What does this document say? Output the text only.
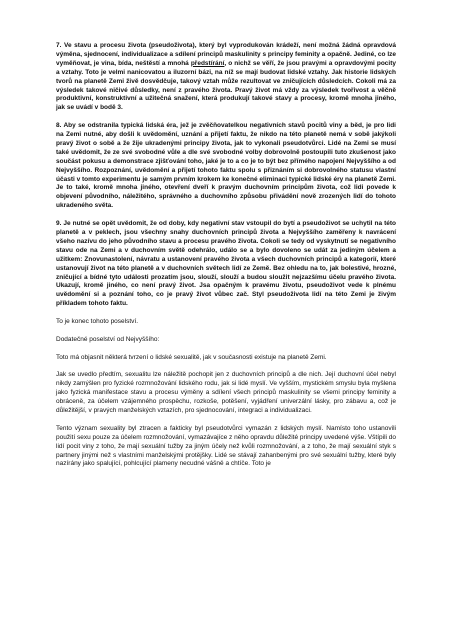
7. Ve stavu a procesu života (pseudoživota), který byl vyprodukován krádeží, není možná žádná opravdová výměna, sjednocení, individualizace a sdílení principů maskulinity s principy feminity a opačně. Jediné, co lze vyměňovat, je vina, bída, neštěstí a mnohá předstírání, o nichž se věří, že jsou pravými a opravdovými pocity a vztahy. Toto je velmi nanicovatou a iluzorní bázi, na níž se mají budovat lidské vztahy. Jak historie lidských tvorů na planetě Zemi živě dosvědčuje, takový vztah může rezultovat ve zničujících důsledcích. Cokoli má za výsledek takové ničivé důsledky, není z pravého života. Pravý život má vždy za výsledek tvořivost a věčně produktivní, konstruktivní a užitečná snažení, která produkují takové stavy a procesy, kromě mnoha jiného, jak se uvádí v bodě 3.
8. Aby se odstranila typická lidská éra, jež je zvěčňovatelkou negativních stavů pocitů viny a běd, je pro lidi na Zemi nutné, aby došli k uvědomění, uznání a přijetí faktu, že nikdo na této planetě nemá v sobě jakýkoli pravý život o sobě a že žije ukradenými principy života, jak to vykonali pseudotvůrci. Lidé na Zemi se musí také uvědomit, že ze své svobodné vůle a dle své svobodné volby dobrovolně postoupili tuto zkušenost jako součást pokusu a demonstrace zjišťování toho, jaké je to a co je to být bez přímého napojení Nejvyššího a od Nejvyššího. Rozpoznání, uvědomění a přijetí tohoto faktu spolu s přiznáním si dobrovolného statusu vlastní účasti v tomto experimentu je samým prvním krokem ke konečné eliminaci typické lidské éry na planetě Zemi. Je to také, kromě mnoha jiného, otevření dveří k pravým duchovním principům života, což lidi povede k objevení původního, náležitého, správného a duchovního způsobu přivádění nově zrozených lidí do tohoto ukradeného světa.
9. Je nutné se opět uvědomit, že od doby, kdy negativní stav vstoupil do bytí a pseudoživot se uchytil na této planetě a v peklech, jsou všechny snahy duchovních principů života a Nejvyššího zaměřeny k navrácení všeho nazívu do jeho původního stavu a procesu pravého života. Cokoli se tedy od vyskytnutí se negativního stavu ode na Zemi a v duchovním světě odehrálo, událo se a bylo dovoleno se udát za jediným účelem a užitkem: Znovunastolení, návratu a ustanovení pravého života a všech duchovních principů a kategorií, které ustanovují život na této planetě a v duchovních světech lidí ze Země. Bez ohledu na to, jak bolestivé, hrozné, zničující a bídné tyto události prozatím jsou, slouží, slouží a budou sloužit nejzazšímu účelu pravého života. Ukazují, kromě jiného, co není pravý život. Jsa opačným k pravému životu, pseudoživot vede k plnému uvědomění si a poznání toho, co je pravý život vůbec zač. Styl pseudoživota lidí na této Zemi je živým příkladem tohoto faktu.
To je konec tohoto poselství.
Dodatečné poselství od Nejvyššího:
Toto má objasnit některá tvrzení o lidské sexualitě, jak v současnosti existuje na planetě Zemi.
Jak se uvedlo předtím, sexualitu lze náležitě pochopit jen z duchovních principů a dle nich. Její duchovní účel nebyl nikdy zamýšlen pro fyzické rozmnožování lidského rodu, jak si lidé myslí. Ve vyšším, mystickém smyslu byla myšlena jako fyzická manifestace stavu a procesu výměny a sdílení všech principů maskulinity se všemi principy feminity a obráceně, za účelem vzájemného prospěchu, rozkoše, potěšení, vyjádření univerzální lásky, pro zábavu a, což je důležitější, v pravých manželských vztazích, pro sjednocování, integraci a individualizaci.
Tento význam sexuality byl ztracen a fakticky byl pseudotvůrci vymazán z lidských myslí. Namísto toho ustanovili použití sexu pouze za účelem rozmnožování, vymazávajíce z něho opravdu důležité principy uvedené výše. Vštípili do lidí pocit viny z toho, že mají sexuální tužby za jiným účely než kvůli rozmnožování, a z toho, že mají sexuální styk s partnery jinými než s vlastními manželskými protějšky. Lidé se stávají zahanbenými pro své sexuální tužby, které byly nazírány jako spalující, pohlcující plameny necudné vášně a chtíče. Toto je
